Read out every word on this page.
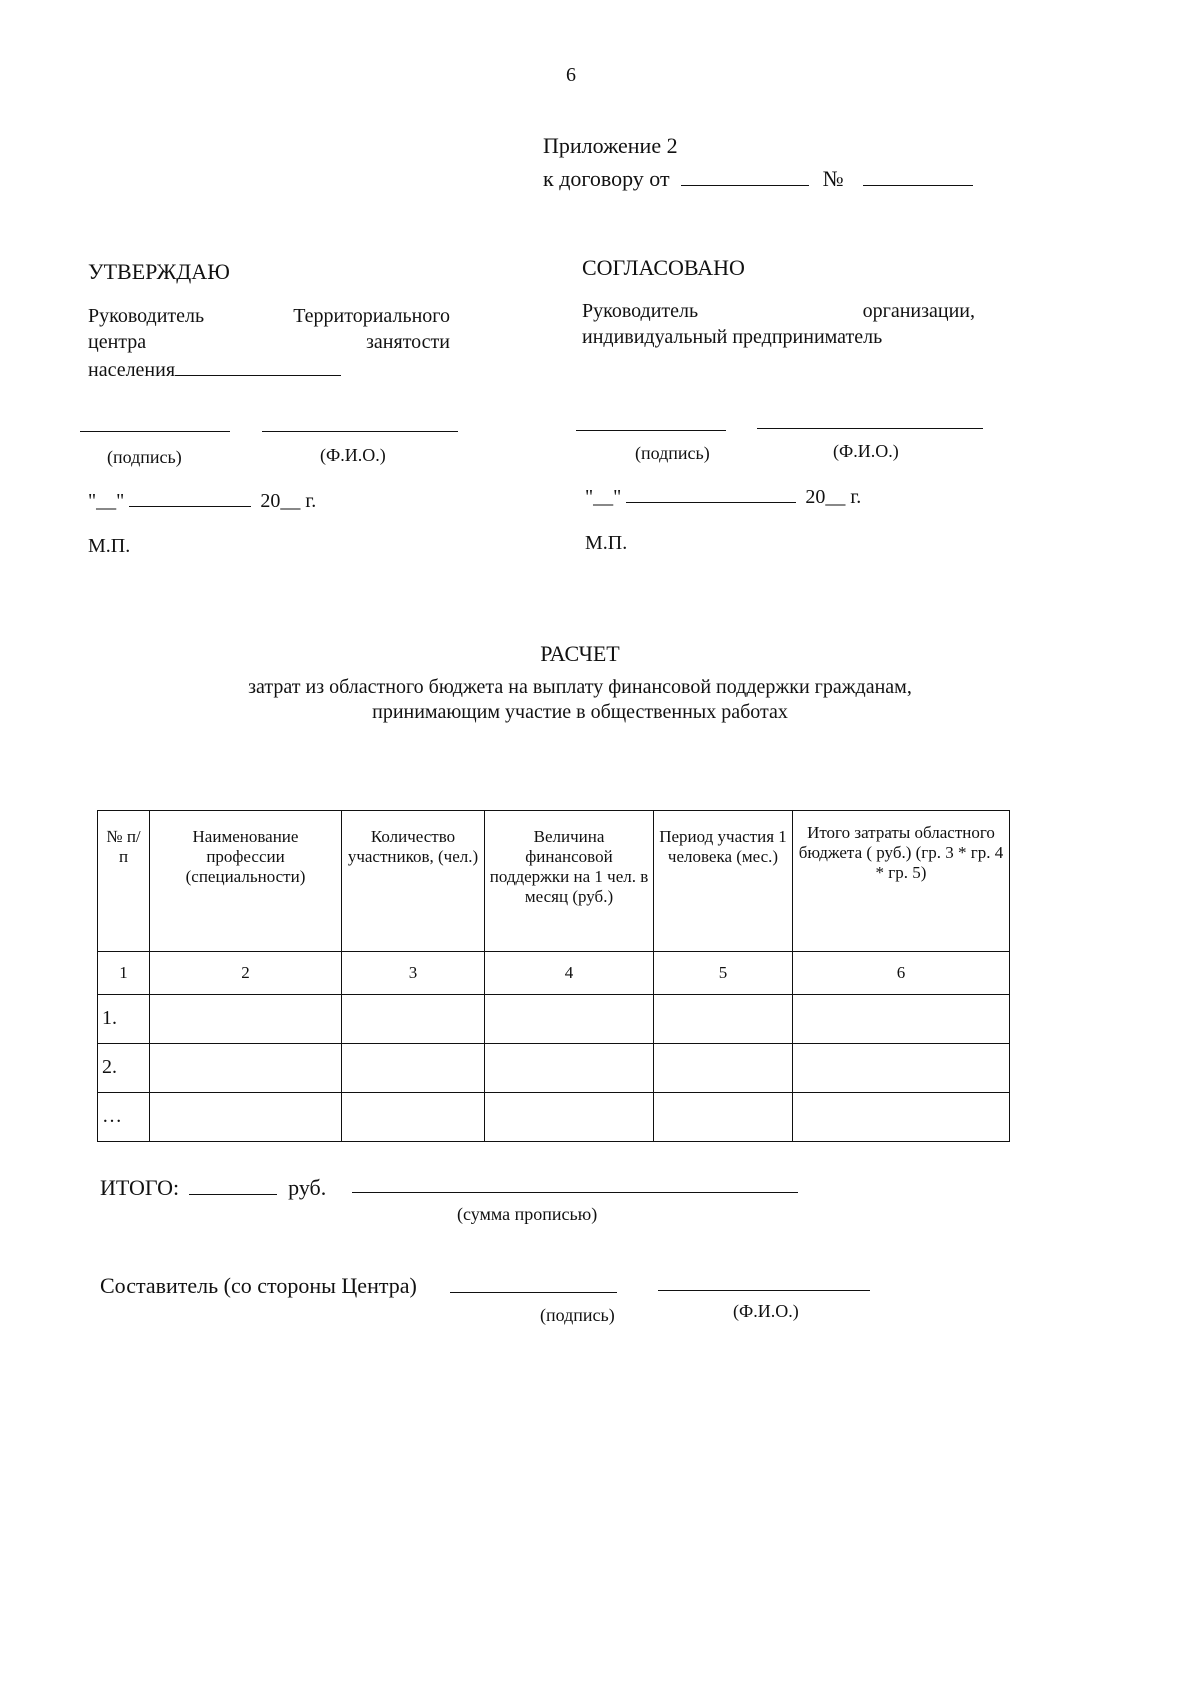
6
Приложение 2
к договору от	№
УТВЕРЖДАЮ
Руководитель	Территориального
центра	занятости
населения
(подпись)	(Ф.И.О.)
"__"	20__ г.
М.П.
СОГЛАСОВАНО
Руководитель	организации,
индивидуальный предприниматель
(подпись)	(Ф.И.О.)
"__"	20__ г.
М.П.
РАСЧЕТ
затрат из областного бюджета на выплату финансовой поддержки гражданам,
принимающим участие в общественных работах
№ п/п	Наименование профессии (специальности)	Количество участников, (чел.)	Величина финансовой поддержки на 1 чел. в месяц (руб.)	Период участия 1 человека (мес.)	Итого затраты областного бюджета ( руб.) (гр. 3 * гр. 4 * гр. 5)
1	2	3	4	5	6
1.					
2.					
…					
ИТОГО:	руб.
(сумма прописью)
Составитель (со стороны Центра)
(подпись)	(Ф.И.О.)
